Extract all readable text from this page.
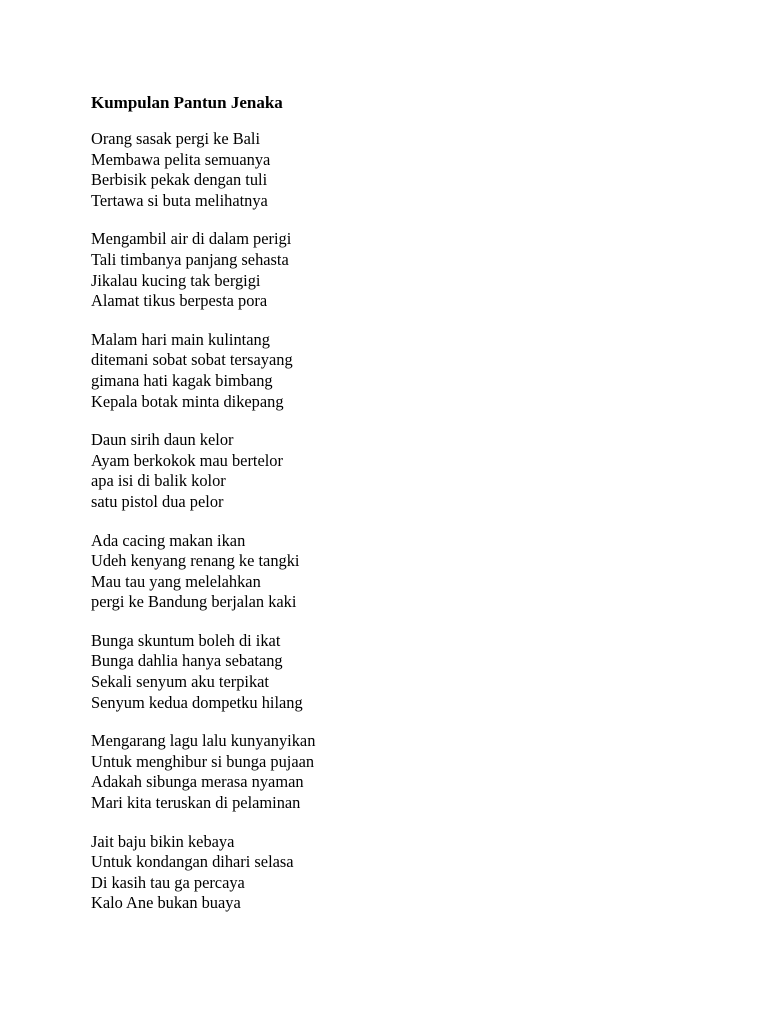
Kumpulan Pantun Jenaka
Orang sasak pergi ke Bali
Membawa pelita semuanya
Berbisik pekak dengan tuli
Tertawa si buta melihatnya
Mengambil air di dalam perigi
Tali timbanya panjang sehasta
Jikalau kucing tak bergigi
Alamat tikus berpesta pora
Malam hari main kulintang
ditemani sobat sobat tersayang
gimana hati kagak bimbang
Kepala botak minta dikepang
Daun sirih daun kelor
Ayam berkokok mau bertelor
apa isi di balik kolor
satu pistol dua pelor
Ada cacing makan ikan
Udeh kenyang renang ke tangki
Mau tau yang melelahkan
pergi ke Bandung berjalan kaki
Bunga skuntum boleh di ikat
Bunga dahlia hanya sebatang
Sekali senyum aku terpikat
Senyum kedua dompetku hilang
Mengarang lagu lalu kunyanyikan
Untuk menghibur si bunga pujaan
Adakah sibunga merasa nyaman
Mari kita teruskan di pelaminan
Jait baju bikin kebaya
Untuk kondangan dihari selasa
Di kasih tau ga percaya
Kalo Ane bukan buaya
